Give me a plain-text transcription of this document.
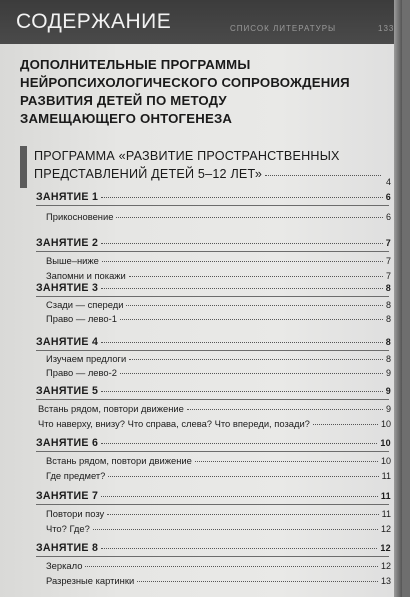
СОДЕРЖАНИЕ	СПИСОК ЛИТЕРАТУРЫ	133
ДОПОЛНИТЕЛЬНЫЕ ПРОГРАММЫ
НЕЙРОПСИХОЛОГИЧЕСКОГО СОПРОВОЖДЕНИЯ
РАЗВИТИЯ ДЕТЕЙ ПО МЕТОДУ
ЗАМЕЩАЮЩЕГО ОНТОГЕНЕЗА
ПРОГРАММА «РАЗВИТИЕ ПРОСТРАНСТВЕННЫХ
ПРЕДСТАВЛЕНИЙ ДЕТЕЙ 5–12 ЛЕТ»
4
ЗАНЯТИЕ 1	6
Прикосновение	6
ЗАНЯТИЕ 2	7
Выше–ниже	7
Запомни и покажи	7
ЗАНЯТИЕ 3	8
Сзади — спереди	8
Право — лево-1	8
ЗАНЯТИЕ 4	8
Изучаем предлоги	8
Право — лево-2	9
ЗАНЯТИЕ 5	9
Встань рядом, повтори движение	9
Что наверху, внизу? Что справа, слева? Что впереди, позади?	10
ЗАНЯТИЕ 6	10
Встань рядом, повтори движение	10
Где предмет?	11
ЗАНЯТИЕ 7	11
Повтори позу	11
Что? Где?	12
ЗАНЯТИЕ 8	12
Зеркало	12
Разрезные картинки	13
